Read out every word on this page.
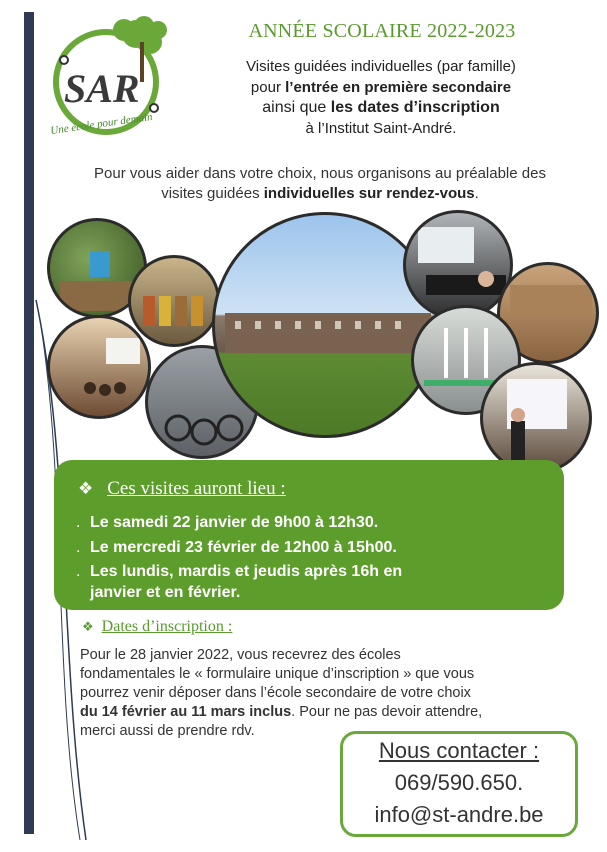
SAR
Une école pour demain
ANNÉE SCOLAIRE 2022-2023
Visites guidées individuelles (par famille)
pour l’entrée en première secondaire
ainsi que les dates d’inscription
à l’Institut Saint-André.
Pour vous aider dans votre choix, nous organisons au préalable des
visites guidées individuelles sur rendez-vous.
❖ Ces visites auront lieu :
. Le samedi 22 janvier de 9h00 à 12h30.
. Le mercredi 23 février de 12h00 à 15h00.
. Les lundis, mardis et jeudis après 16h en
janvier et en février.
❖ Dates d’inscription :
Pour le 28 janvier 2022, vous recevrez des écoles
fondamentales le « formulaire unique d’inscription » que vous
pourrez venir déposer dans l’école secondaire de votre choix
du 14 février au 11 mars inclus. Pour ne pas devoir attendre,
merci aussi de prendre rdv.
Nous contacter :
069/590.650.
info@st-andre.be
